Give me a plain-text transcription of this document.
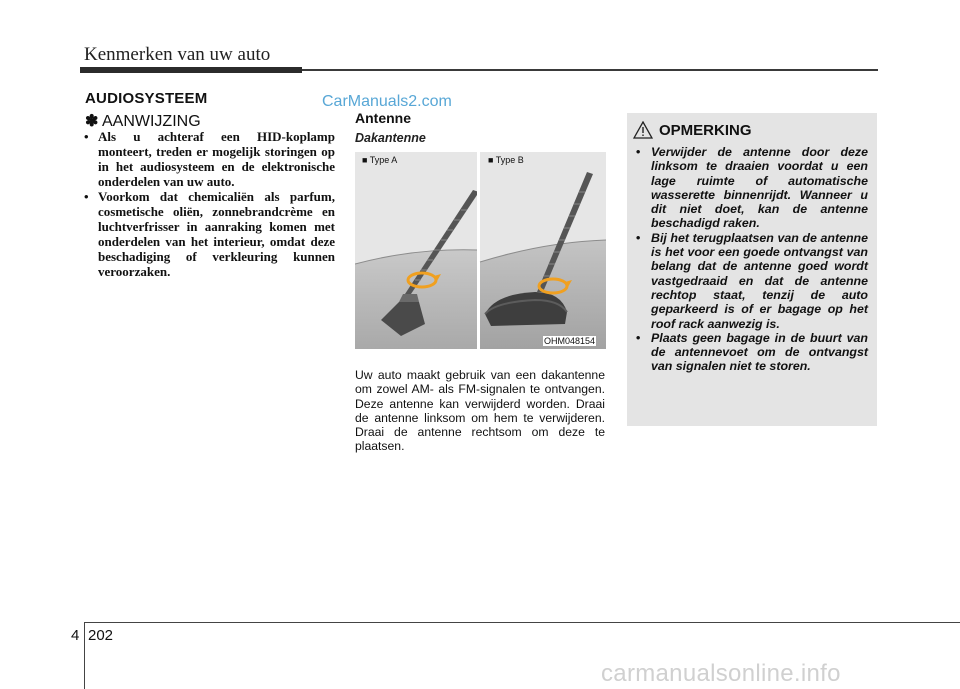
Kenmerken van uw auto
AUDIOSYSTEEM	CarManuals2.com
✽ AANWIJZING
• Als u achteraf een HID-koplamp monteert, treden er mogelijk storingen op in het audiosysteem en de elektronische onderdelen van uw auto.
• Voorkom dat chemicaliën als parfum, cosmetische oliën, zonnebrandcrème en luchtverfrisser in aanraking komen met onderdelen van het interieur, omdat deze beschadiging of verkleuring kunnen veroorzaken.
Antenne
Dakantenne
■ Type A	■ Type B
OHM048154
Uw auto maakt gebruik van een dakantenne om zowel AM- als FM-signalen te ontvangen. Deze antenne kan verwijderd worden. Draai de antenne linksom om hem te verwijderen. Draai de antenne rechtsom om deze te plaatsen.
OPMERKING
• Verwijder de antenne door deze linksom te draaien voordat u een lage ruimte of automatische wasserette binnenrijdt. Wanneer u dit niet doet, kan de antenne beschadigd raken.
• Bij het terugplaatsen van de antenne is het voor een goede ontvangst van belang dat de antenne goed wordt vastgedraaid en dat de antenne rechtop staat, tenzij de auto geparkeerd is of er bagage op het roof rack aanwezig is.
• Plaats geen bagage in de buurt van de antennevoet om de ontvangst van signalen niet te storen.
4 202
carmanualsonline.info
